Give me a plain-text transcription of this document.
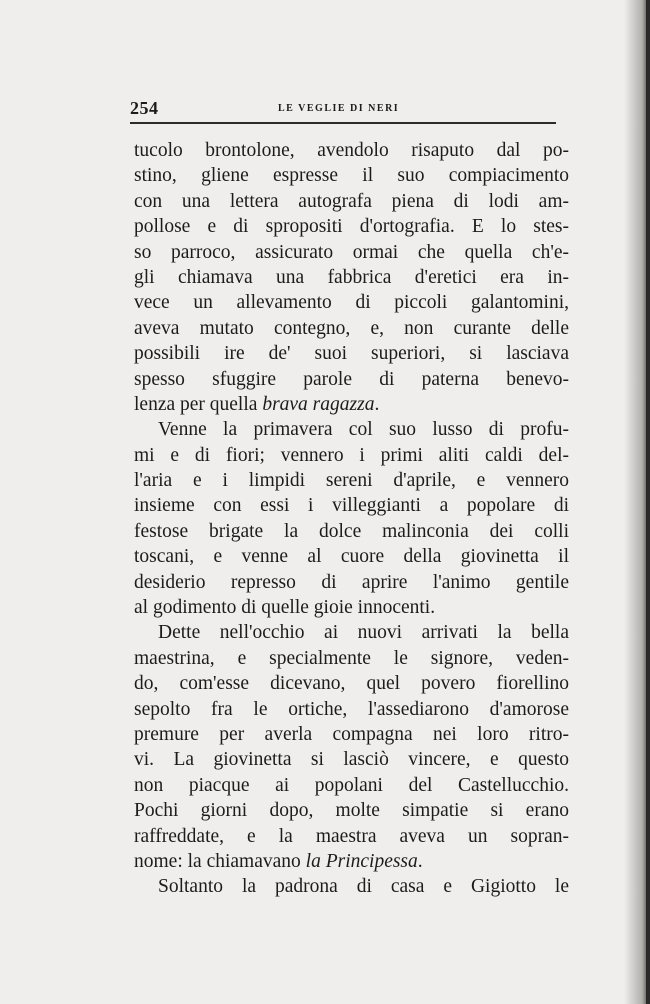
254	LE VEGLIE DI NERI
tucolo brontolone, avendolo risaputo dal po-
stino, gliene espresse il suo compiacimento
con una lettera autografa piena di lodi am-
pollose e di spropositi d'ortografia. E lo stes-
so parroco, assicurato ormai che quella ch'e-
gli chiamava una fabbrica d'eretici era in-
vece un allevamento di piccoli galantomini,
aveva mutato contegno, e, non curante delle
possibili ire de' suoi superiori, si lasciava
spesso sfuggire parole di paterna benevo-
lenza per quella brava ragazza.
Venne la primavera col suo lusso di profu-
mi e di fiori; vennero i primi aliti caldi del-
l'aria e i limpidi sereni d'aprile, e vennero
insieme con essi i villeggianti a popolare di
festose brigate la dolce malinconia dei colli
toscani, e venne al cuore della giovinetta il
desiderio represso di aprire l'animo gentile
al godimento di quelle gioie innocenti.
Dette nell'occhio ai nuovi arrivati la bella
maestrina, e specialmente le signore, veden-
do, com'esse dicevano, quel povero fiorellino
sepolto fra le ortiche, l'assediarono d'amorose
premure per averla compagna nei loro ritro-
vi. La giovinetta si lasciò vincere, e questo
non piacque ai popolani del Castellucchio.
Pochi giorni dopo, molte simpatie si erano
raffreddate, e la maestra aveva un sopran-
nome: la chiamavano la Principessa.
Soltanto la padrona di casa e Gigiotto le
